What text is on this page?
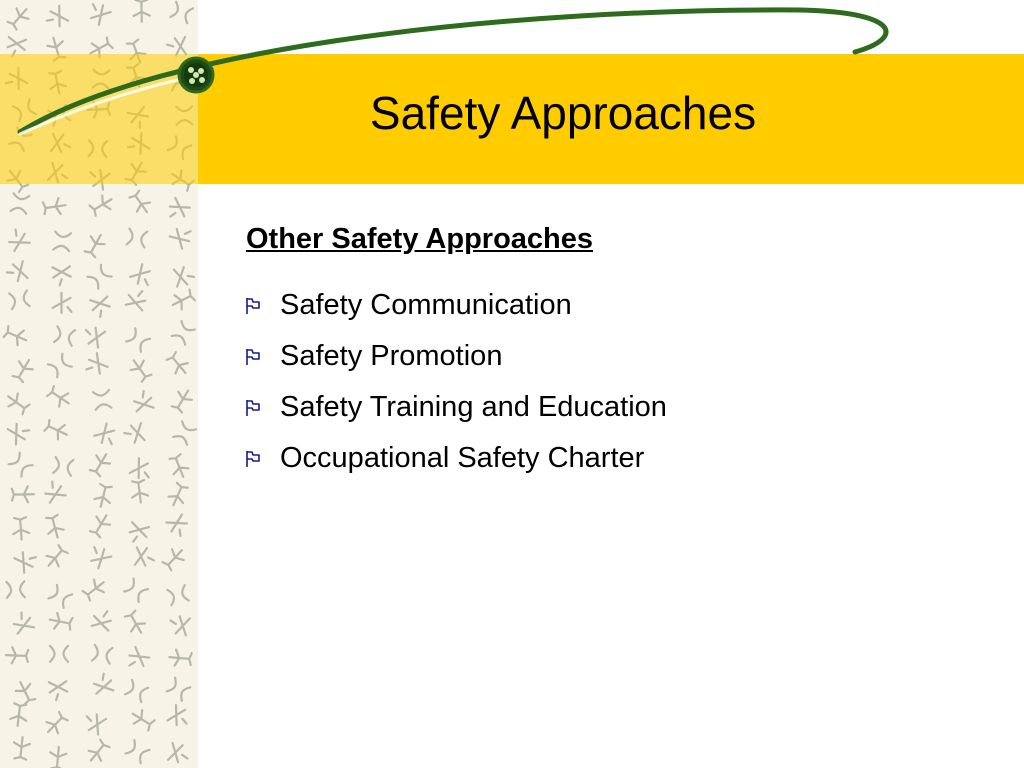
Safety Approaches
Other Safety Approaches
Safety Communication
Safety Promotion
Safety Training and Education
Occupational Safety Charter
